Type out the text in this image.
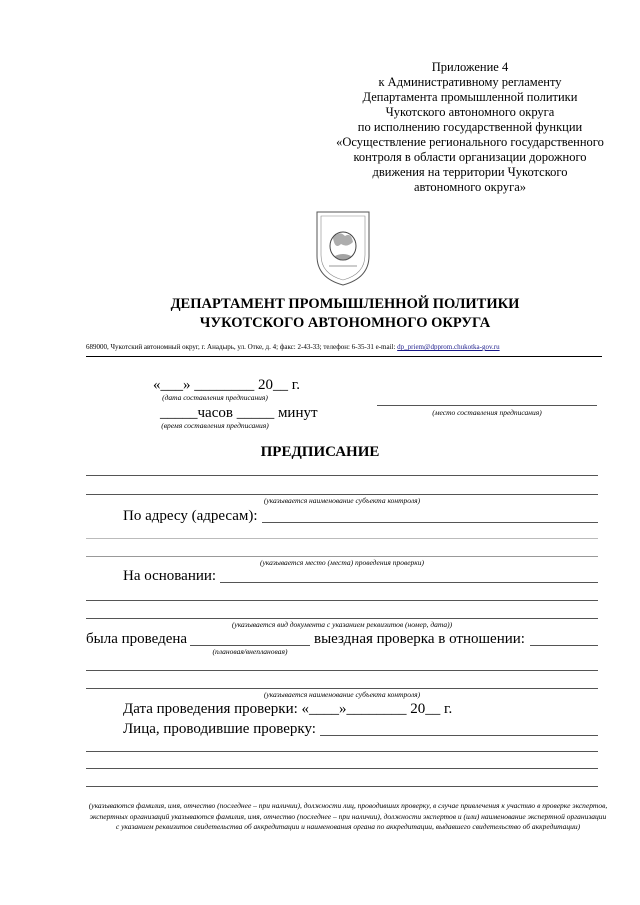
Приложение 4
к Административному регламенту
Департамента промышленной политики
Чукотского автономного округа
по исполнению государственной функции
«Осуществление регионального государственного
контроля в области организации дорожного
движения на территории Чукотского
автономного округа»
ДЕПАРТАМЕНТ ПРОМЫШЛЕННОЙ ПОЛИТИКИ
ЧУКОТСКОГО АВТОНОМНОГО ОКРУГА
689000, Чукотский автономный округ, г. Анадырь, ул. Отке, д. 4; факс: 2-43-33; телефон: 6-35-31 e-mail: dp_priem@dpprom.chukotka-gov.ru
«___» ________ 20__ г.
(дата составления предписания)
_____часов _____ минут
(время составления предписания)
(место составления предписания)
ПРЕДПИСАНИЕ
(указывается наименование субъекта контроля)
По адресу (адресам):
(указывается место (места) проведения проверки)
На основании:
(указывается вид документа с указанием реквизитов (номер, дата))
была проведена	выездная проверка в отношении:
(плановая/внеплановая)
(указывается наименование субъекта контроля)
Дата проведения проверки: «____»________ 20__ г.
Лица, проводившие проверку:
(указываются фамилия, имя, отчество (последнее – при наличии), должности лиц, проводивших проверку, в случае привлечения к участию в проверке экспертов, экспертных организаций указываются фамилия, имя, отчество (последнее – при наличии), должности экспертов и (или) наименование экспертной организации с указанием реквизитов свидетельства об аккредитации и наименования органа по аккредитации, выдавшего свидетельство об аккредитации)
